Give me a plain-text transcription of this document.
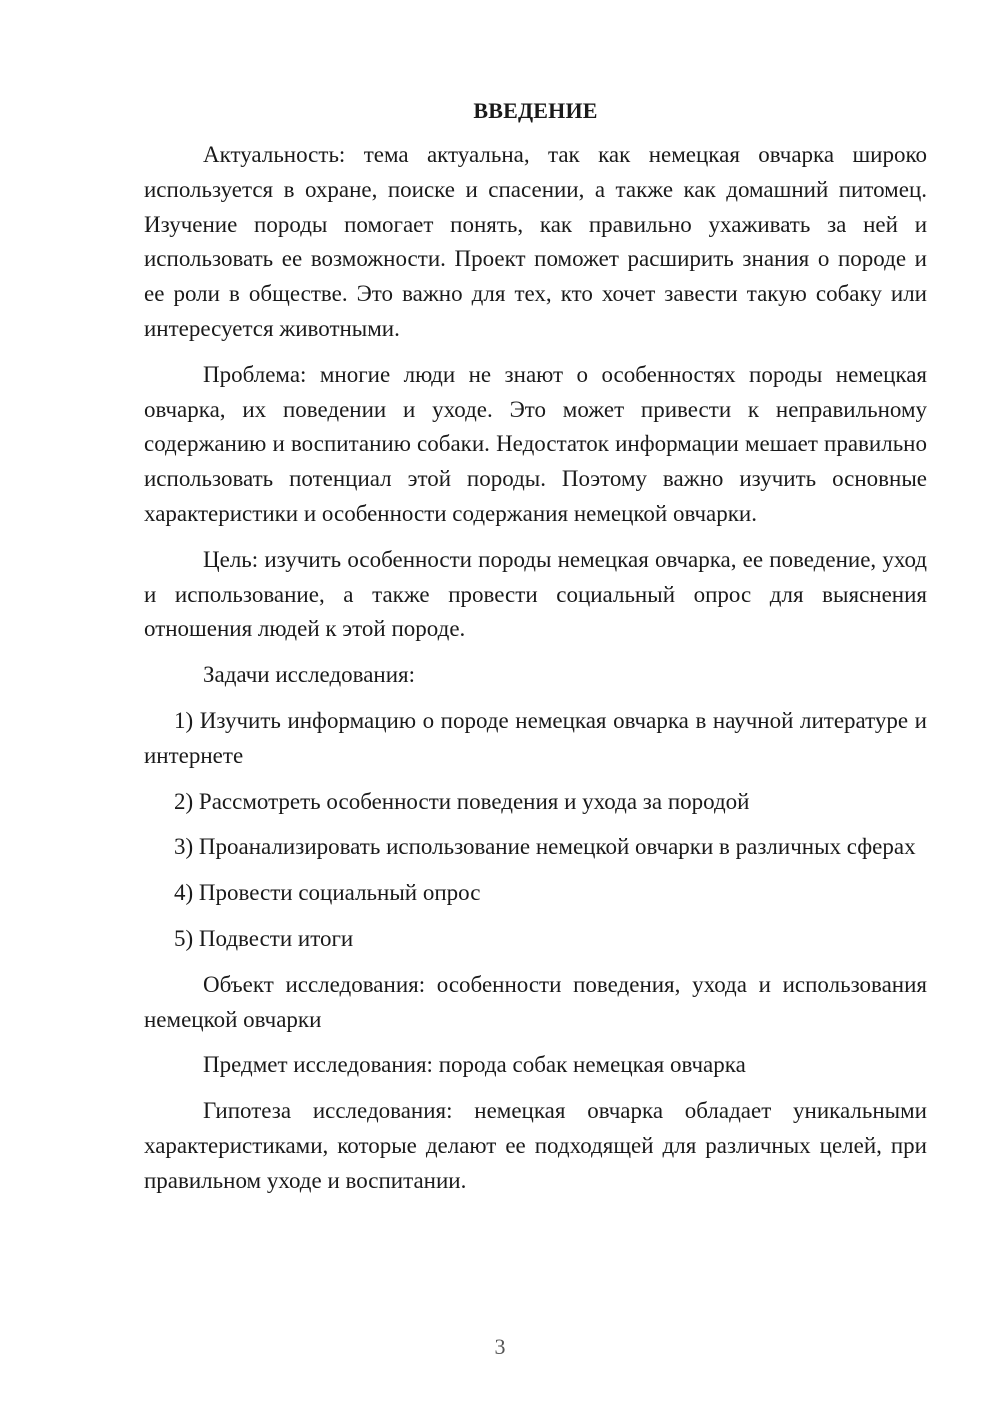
ВВЕДЕНИЕ

Актуальность: тема актуальна, так как немецкая овчарка широко используется в охране, поиске и спасении, а также как домашний питомец. Изучение породы помогает понять, как правильно ухаживать за ней и использовать ее возможности. Проект поможет расширить знания о породе и ее роли в обществе. Это важно для тех, кто хочет завести такую собаку или интересуется животными.

Проблема: многие люди не знают о особенностях породы немецкая овчарка, их поведении и уходе. Это может привести к неправильному содержанию и воспитанию собаки. Недостаток информации мешает правильно использовать потенциал этой породы. Поэтому важно изучить основные характеристики и особенности содержания немецкой овчарки.

Цель: изучить особенности породы немецкая овчарка, ее поведение, уход и использование, а также провести социальный опрос для выяснения отношения людей к этой породе.

Задачи исследования:

1) Изучить информацию о породе немецкая овчарка в научной литературе и интернете

2) Рассмотреть особенности поведения и ухода за породой

3) Проанализировать использование немецкой овчарки в различных сферах

4) Провести социальный опрос

5) Подвести итоги

Объект исследования: особенности поведения, ухода и использования немецкой овчарки

Предмет исследования: порода собак немецкая овчарка

Гипотеза исследования: немецкая овчарка обладает уникальными характеристиками, которые делают ее подходящей для различных целей, при правильном уходе и воспитании.

3
